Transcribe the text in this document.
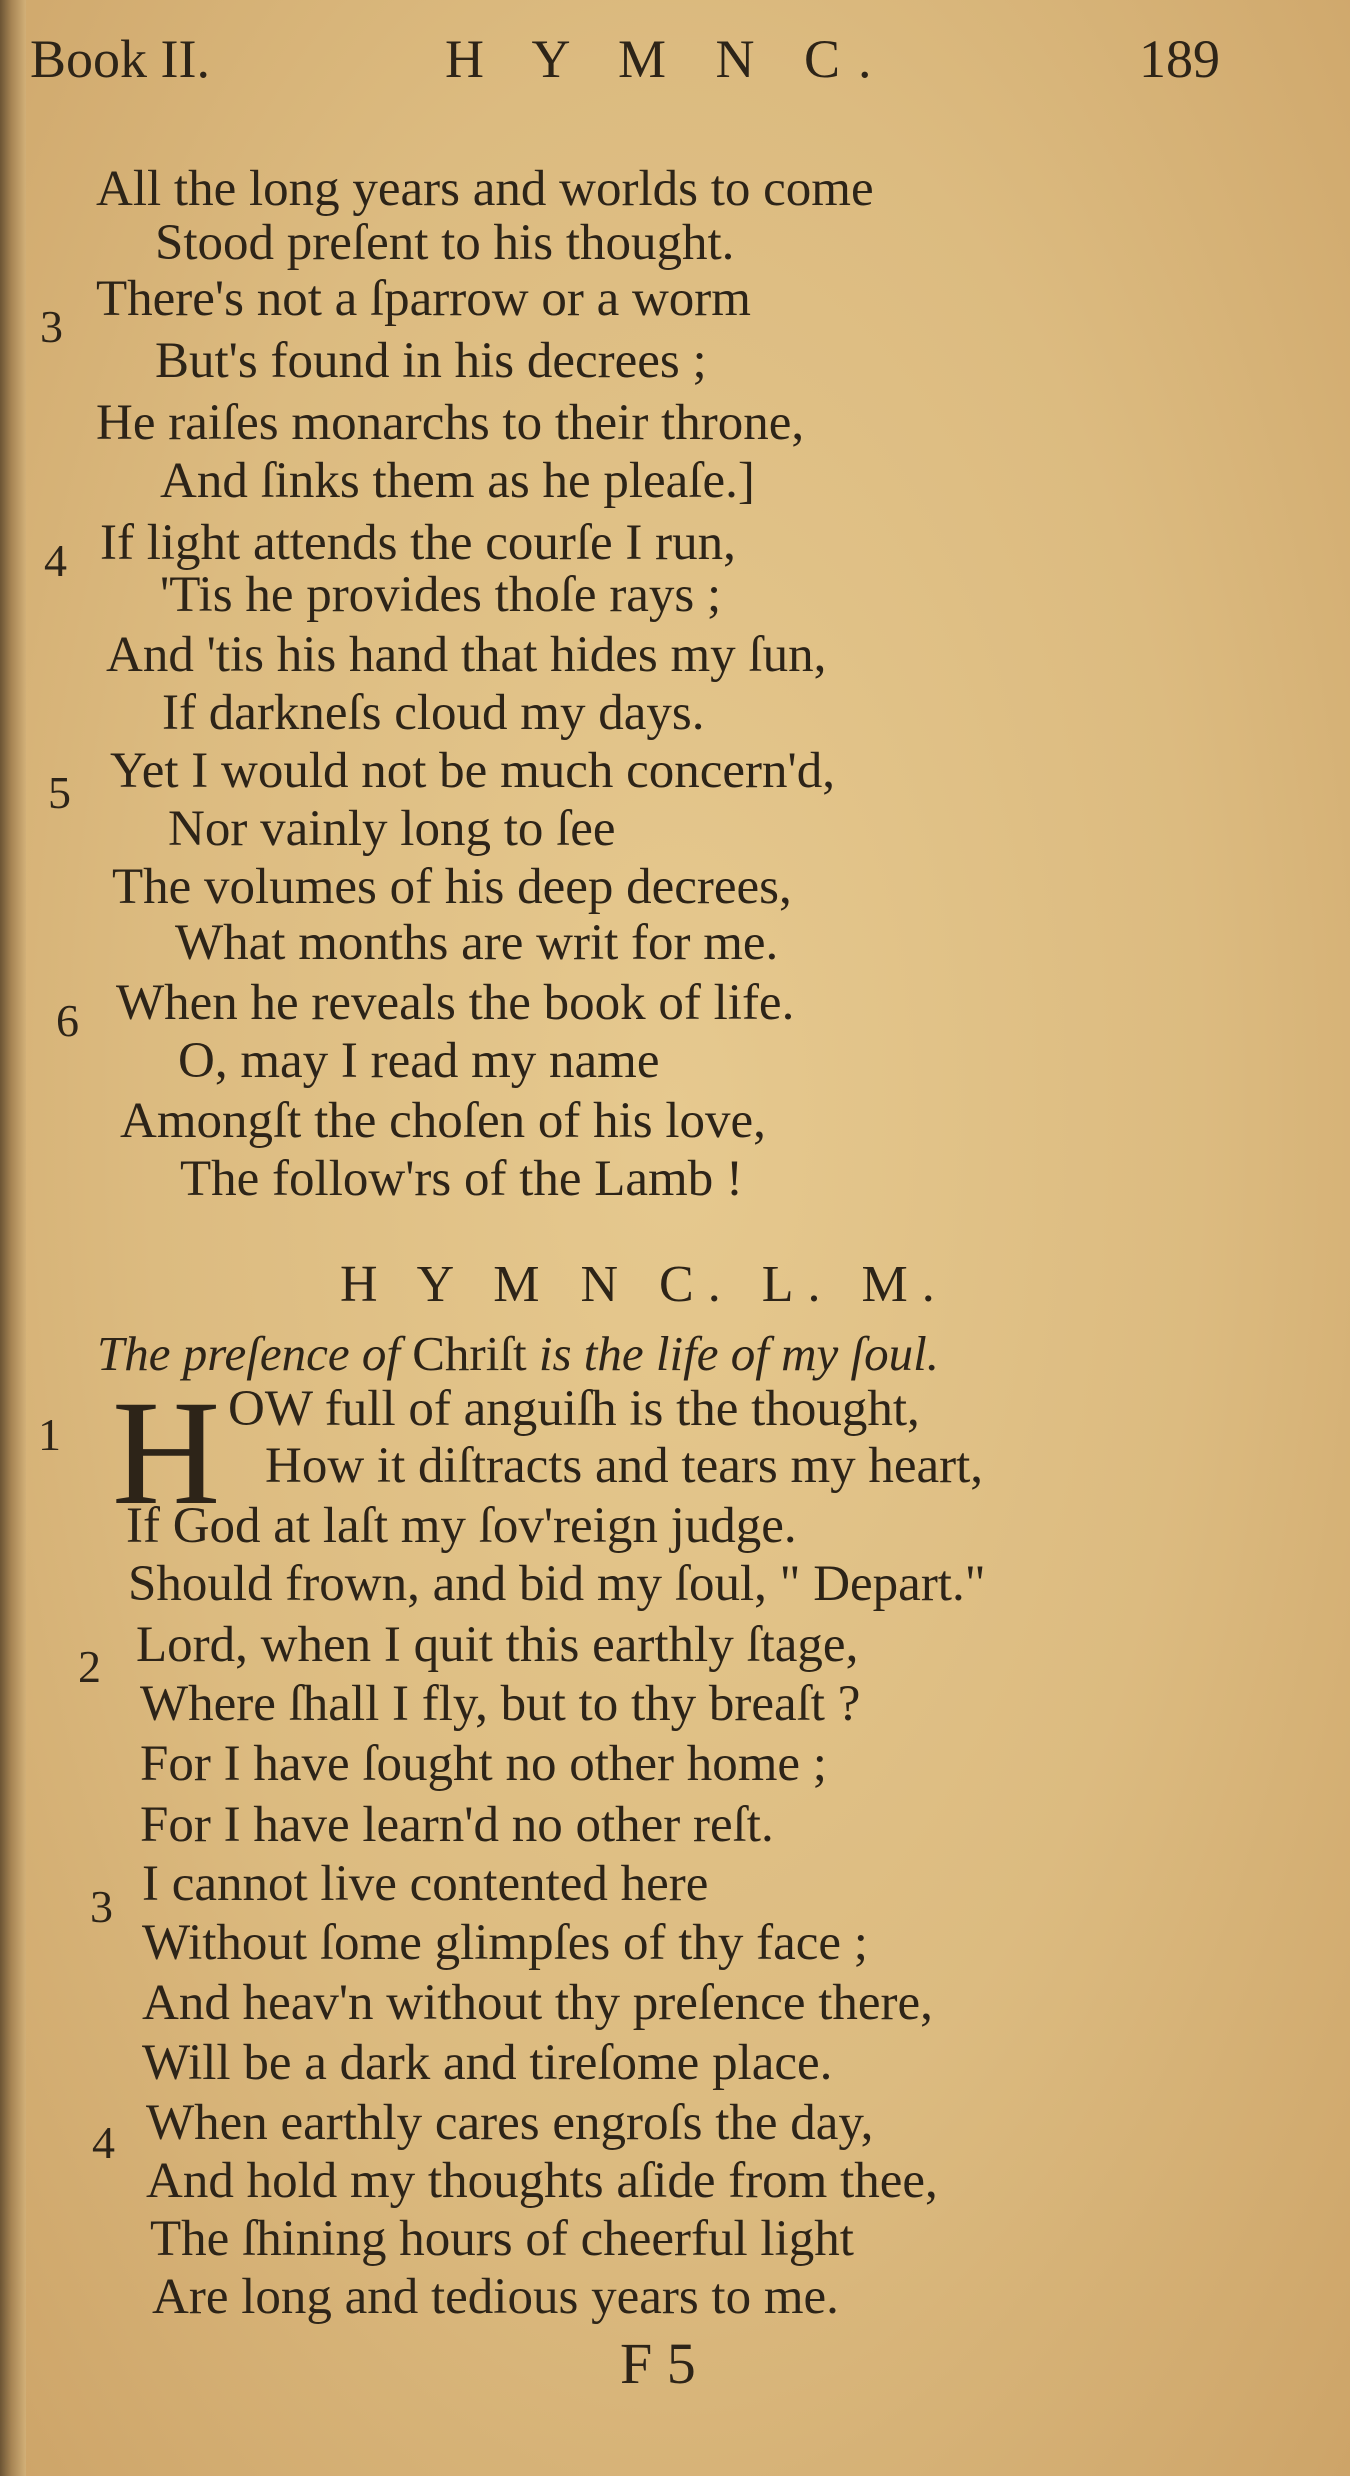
Book II.	H Y M N C.	189
All the long years and worlds to come
Stood preſent to his thought.
3 There's not a ſparrow or a worm
But's found in his decrees ;
He raiſes monarchs to their throne,
And ſinks them as he pleaſe.]
4 If light attends the courſe I run,
'Tis he provides thoſe rays ;
And 'tis his hand that hides my ſun,
If darkneſs cloud my days.
5 Yet I would not be much concern'd,
Nor vainly long to ſee
The volumes of his deep decrees,
What months are writ for me.
6 When he reveals the book of life.
O, may I read my name
Amongſt the choſen of his love,
The follow'rs of the Lamb !
H Y M N C. L. M.
The preſence of Chriſt is the life of my ſoul.
1 H OW full of anguiſh is the thought,
How it diſtracts and tears my heart,
If God at laſt my ſov'reign judge.
Should frown, and bid my ſoul, " Depart."
2 Lord, when I quit this earthly ſtage,
Where ſhall I fly, but to thy breaſt ?
For I have ſought no other home ;
For I have learn'd no other reſt.
3 I cannot live contented here
Without ſome glimpſes of thy face ;
And heav'n without thy preſence there,
Will be a dark and tireſome place.
4 When earthly cares engroſs the day,
And hold my thoughts aſide from thee,
The ſhining hours of cheerful light
Are long and tedious years to me.
F 5
